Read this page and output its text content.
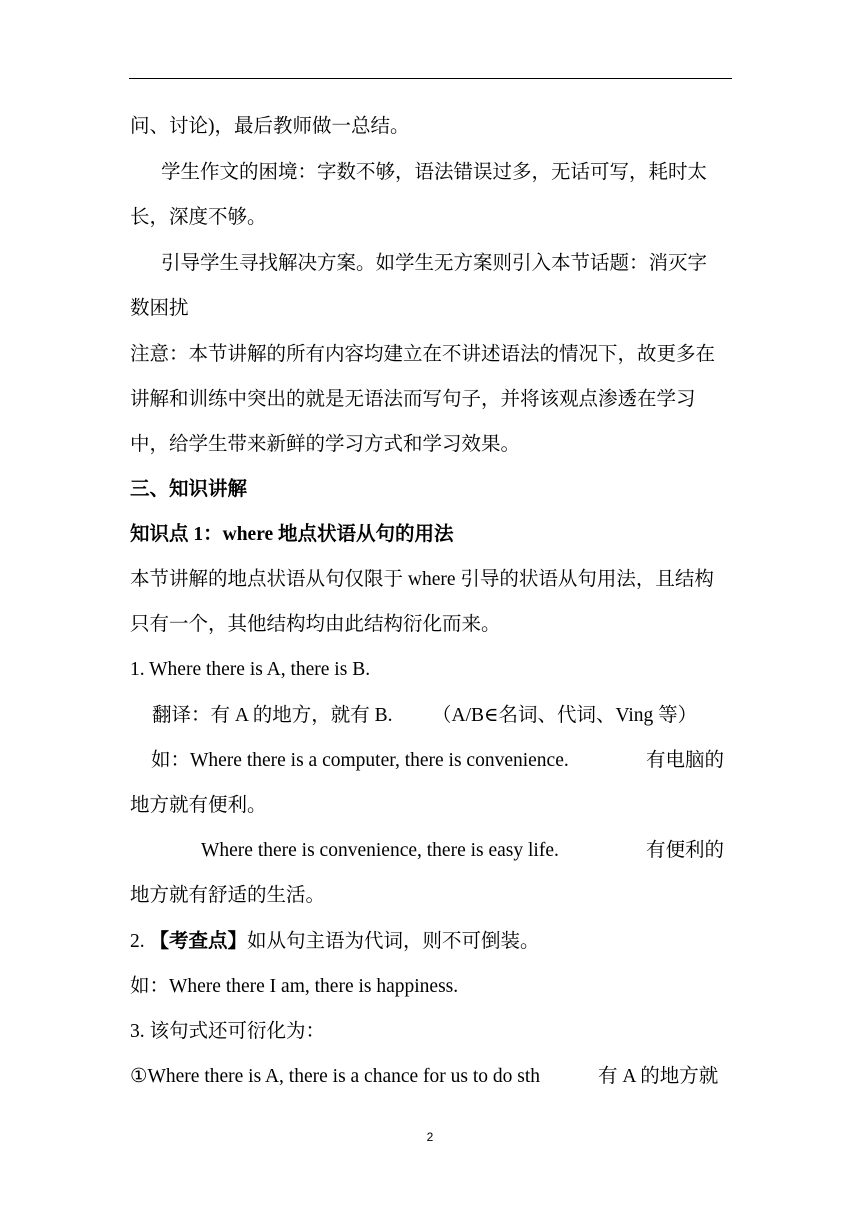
问、讨论)，最后教师做一总结。
学生作文的困境：字数不够，语法错误过多，无话可写，耗时太
长，深度不够。
引导学生寻找解决方案。如学生无方案则引入本节话题：消灭字
数困扰
注意：本节讲解的所有内容均建立在不讲述语法的情况下，故更多在
讲解和训练中突出的就是无语法而写句子，并将该观点渗透在学习
中，给学生带来新鲜的学习方式和学习效果。
三、知识讲解
知识点 1：where 地点状语从句的用法
本节讲解的地点状语从句仅限于 where 引导的状语从句用法，且结构
只有一个，其他结构均由此结构衍化而来。
1. Where there is A, there is B.
翻译：有 A 的地方，就有 B. （A/B∈名词、代词、Ving 等）
如：Where there is a computer, there is convenience.	有电脑的
地方就有便利。
Where there is convenience, there is easy life.	有便利的
地方就有舒适的生活。
2. 【考查点】如从句主语为代词，则不可倒装。
如：Where there I am, there is happiness.
3. 该句式还可衍化为：
①Where there is A, there is a chance for us to do sth	有 A 的地方就
2
